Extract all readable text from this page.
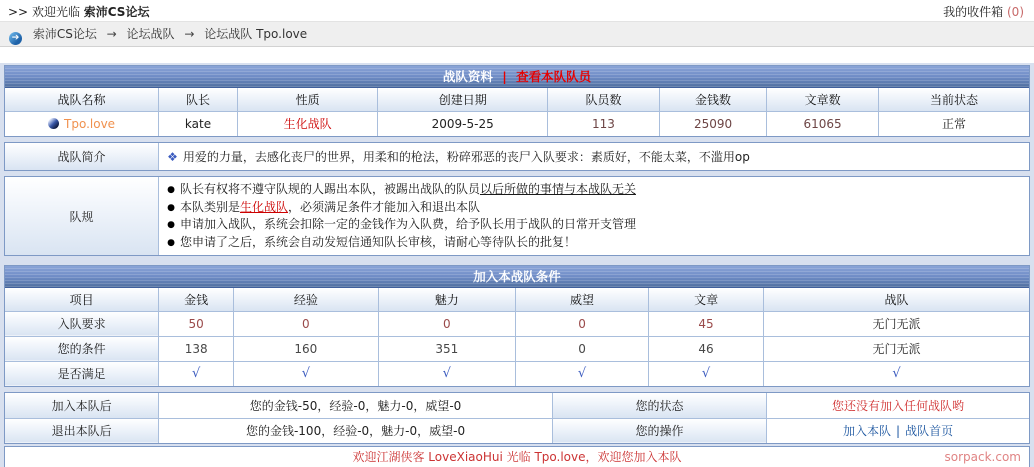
>> 欢迎光临 索沛CS论坛	我的收件箱 (0)
➔ 索沛CS论坛 → 论坛战队 → 论坛战队 Tpo.love
战队资料 | 查看本队队员
战队名称	队长	性质	创建日期	队员数	金钱数	文章数	当前状态
Tpo.love	kate	生化战队	2009-5-25	113	25090	61065	正常
战队简介	❖ 用爱的力量，去感化丧尸的世界，用柔和的枪法，粉碎邪恶的丧尸入队要求：素质好，不能太菜，不滥用op
队规	
● 队长有权将不遵守队规的人踢出本队，被踢出战队的队员以后所做的事情与本战队无关
● 本队类别是生化战队，必须满足条件才能加入和退出本队
● 申请加入战队，系统会扣除一定的金钱作为入队费，给予队长用于战队的日常开支管理
● 您申请了之后，系统会自动发短信通知队长审核，请耐心等待队长的批复！
加入本战队条件
项目	金钱	经验	魅力	威望	文章	战队
入队要求	50	0	0	0	45	无门无派
您的条件	138	160	351	0	46	无门无派
是否满足	√	√	√	√	√	√
加入本队后	您的金钱-50，经验-0，魅力-0，威望-0	您的状态	您还没有加入任何战队哟
退出本队后	您的金钱-100，经验-0，魅力-0，威望-0	您的操作	加入本队 | 战队首页
欢迎江湖侠客 LoveXiaoHui 光临 Tpo.love，欢迎您加入本队	sorpack.com
